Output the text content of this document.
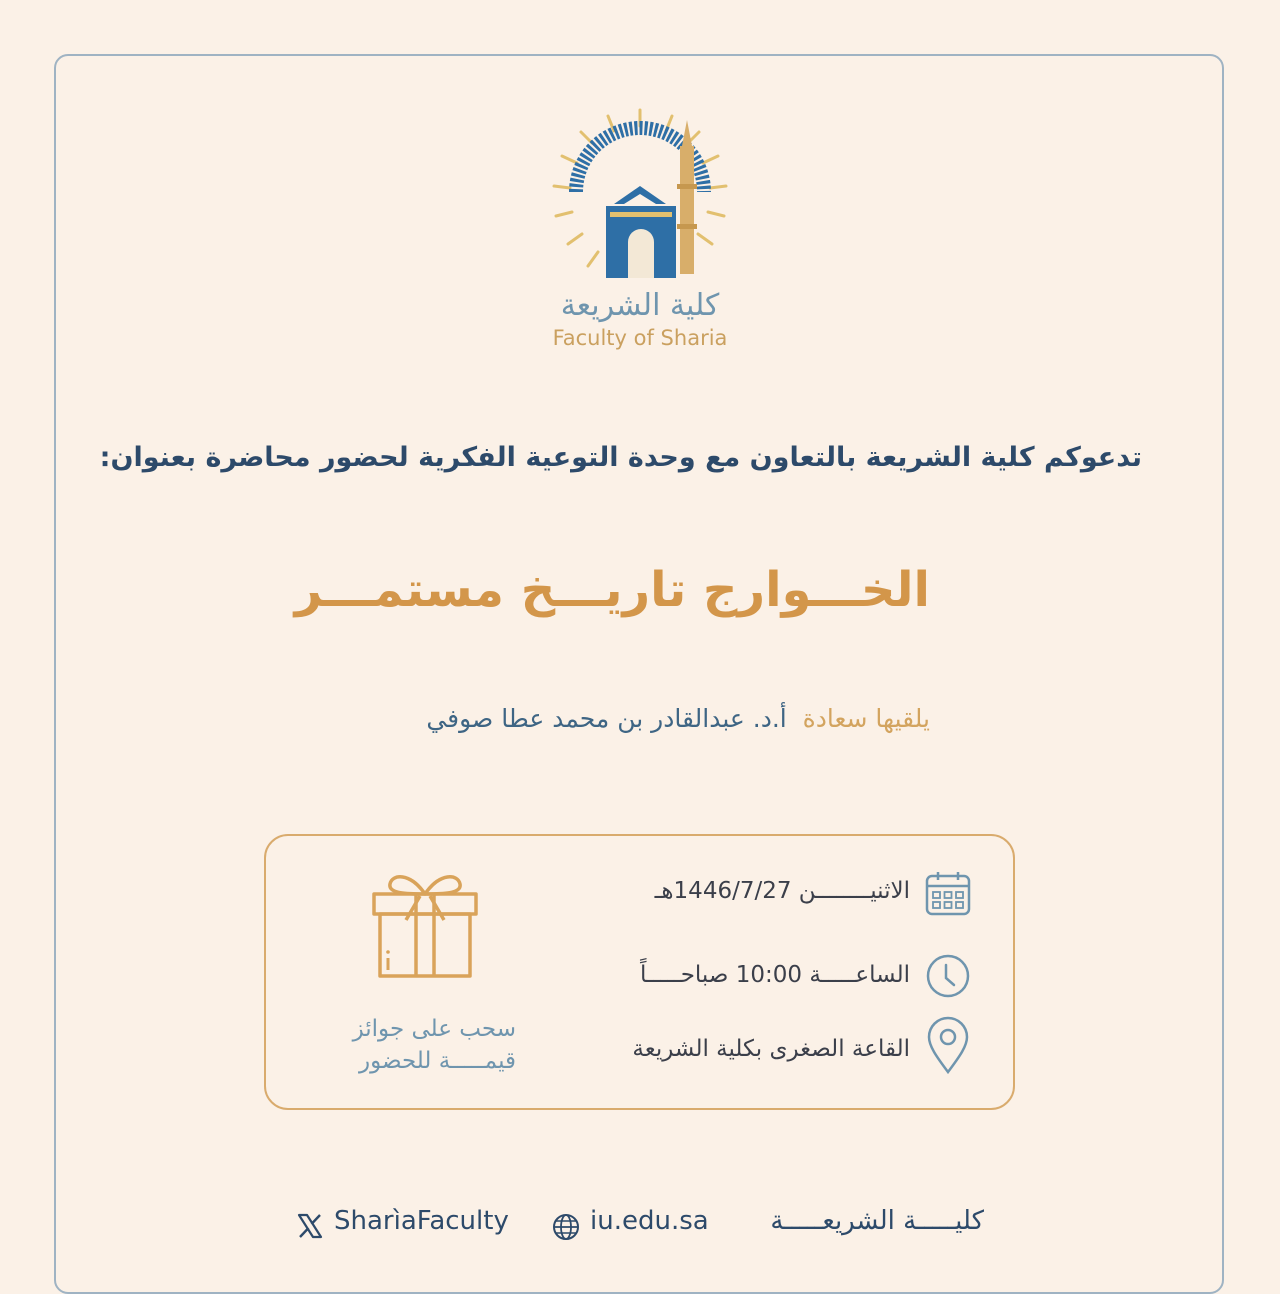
كلية الشريعة
Faculty of Sharia
تدعوكم كلية الشريعة بالتعاون مع وحدة التوعية الفكرية لحضور محاضرة بعنوان:
الخـــوارج تاريـــخ مستمـــر
يلقيها سعادة  أ.د. عبدالقادر بن محمد عطا صوفي
الاثنيــــــــن 1446/7/27هـ
الساعـــــة 10:00 صباحـــــاً
القاعة الصغرى بكلية الشريعة
سحب على جوائز
قيمـــــة للحضور
SharìaFaculty	iu.edu.sa	كليـــــة الشريعـــــة
